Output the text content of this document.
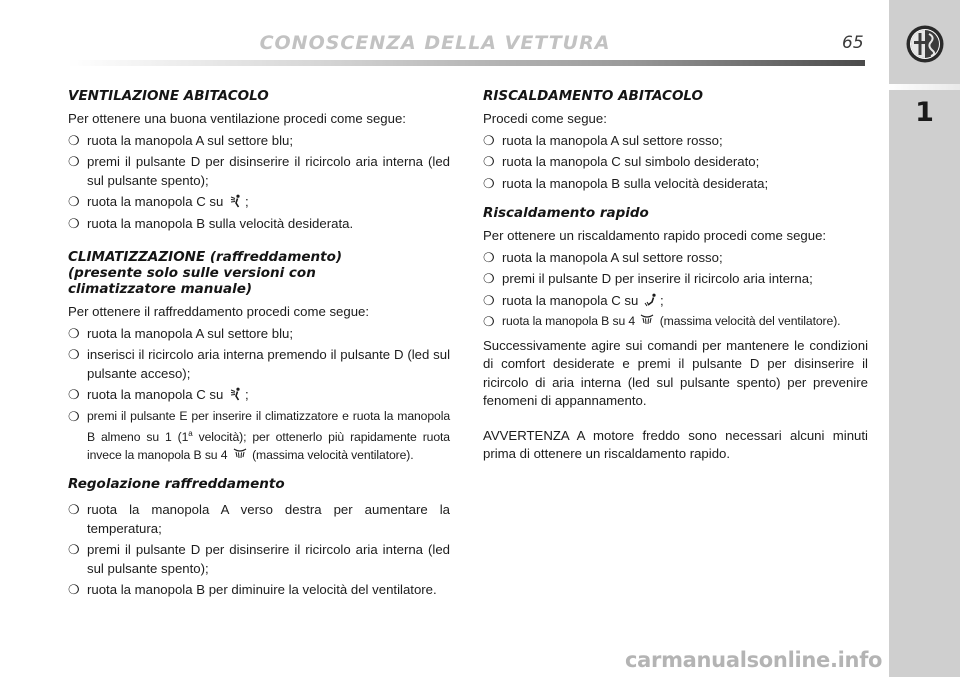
CONOSCENZA DELLA VETTURA	65
1
VENTILAZIONE ABITACOLO

Per ottenere una buona ventilazione procedi come segue:

❍ ruota la manopola A sul settore blu;
❍ premi il pulsante D per disinserire il ricircolo aria interna (led sul pulsante spento);
❍ ruota la manopola C su ;
❍ ruota la manopola B sulla velocità desiderata.
CLIMATIZZAZIONE (raffreddamento)
(presente solo sulle versioni con
climatizzatore manuale)

Per ottenere il raffreddamento procedi come segue:

❍ ruota la manopola A sul settore blu;
❍ inserisci il ricircolo aria interna premendo il pulsante D (led sul pulsante acceso);
❍ ruota la manopola C su ;
❍ premi il pulsante E per inserire il climatizzatore e ruota la manopola B almeno su 1 (1$^a$ velocità); per ottenerlo più rapidamente ruota invece la manopola B su 4 (massima velocità ventilatore).
Regolazione raffreddamento
❍ ruota la manopola A verso destra per aumentare la temperatura;
❍ premi il pulsante D per disinserire il ricircolo aria interna (led sul pulsante spento);
❍ ruota la manopola B per diminuire la velocità del ventilatore.
RISCALDAMENTO ABITACOLO

Procedi come segue:

❍ ruota la manopola A sul settore rosso;
❍ ruota la manopola C sul simbolo desiderato;
❍ ruota la manopola B sulla velocità desiderata;
Riscaldamento rapido

Per ottenere un riscaldamento rapido procedi come segue:

❍ ruota la manopola A sul settore rosso;
❍ premi il pulsante D per inserire il ricircolo aria interna;
❍ ruota la manopola C su ;
❍ ruota la manopola B su 4 (massima velocità del ventilatore).

Successivamente agire sui comandi per mantenere le condizioni di comfort desiderate e premi il pulsante D per disinserire il ricircolo di aria interna (led sul pulsante spento) per prevenire fenomeni di appannamento.

AVVERTENZA A motore freddo sono necessari alcuni minuti prima di ottenere un riscaldamento rapido.

carmanualsonline.info
